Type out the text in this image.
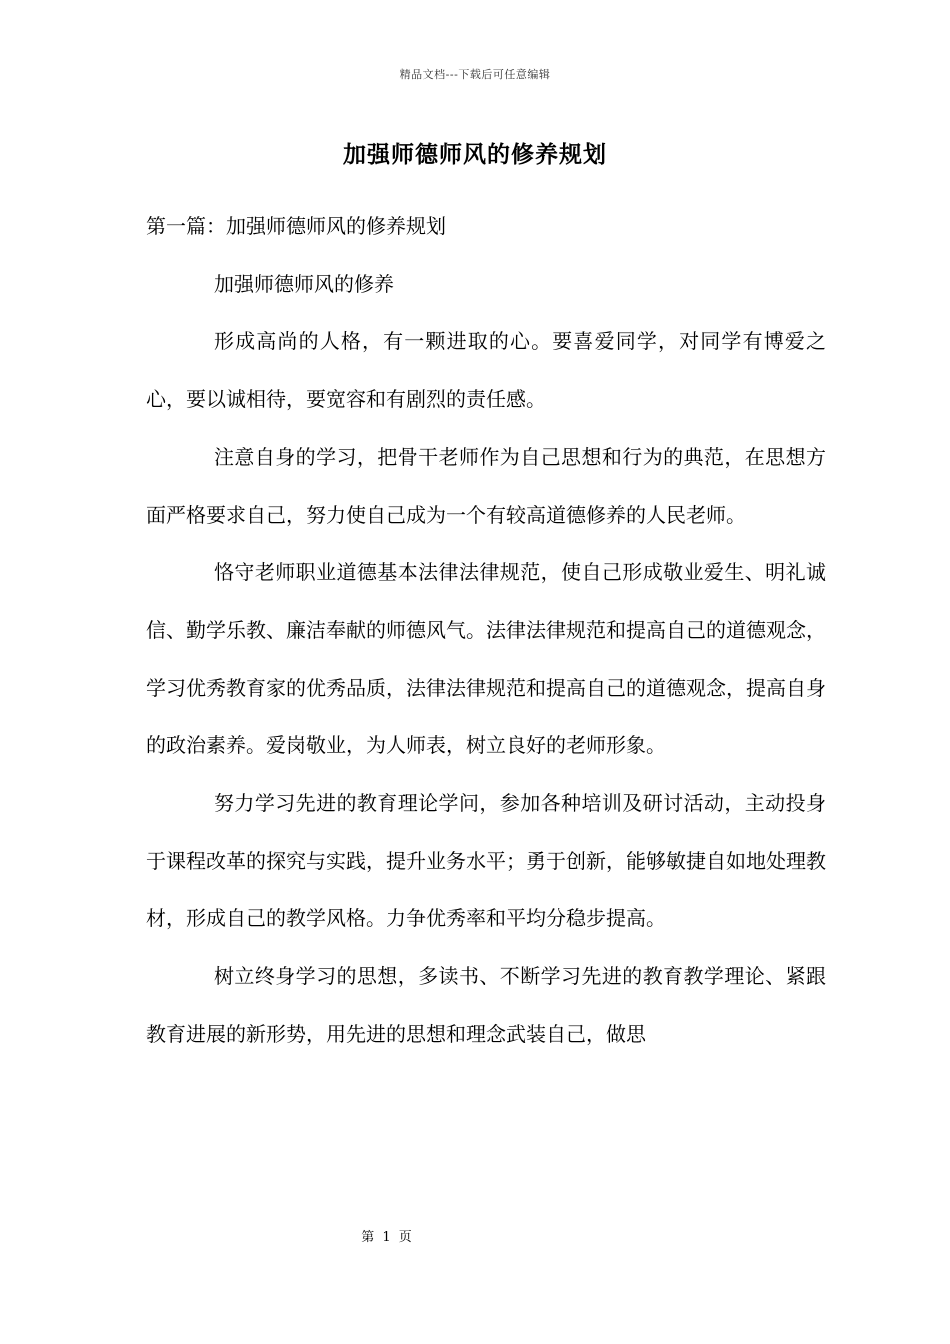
精品文档---下载后可任意编辑
加强师德师风的修养规划

第一篇：加强师德师风的修养规划

加强师德师风的修养

形成高尚的人格，有一颗进取的心。要喜爱同学，对同学有博爱之心，要以诚相待，要宽容和有剧烈的责任感。

注意自身的学习，把骨干老师作为自己思想和行为的典范，在思想方面严格要求自己，努力使自己成为一个有较高道德修养的人民老师。

恪守老师职业道德基本法律法律规范，使自己形成敬业爱生、明礼诚信、勤学乐教、廉洁奉献的师德风气。法律法律规范和提高自己的道德观念，学习优秀教育家的优秀品质，法律法律规范和提高自己的道德观念，提高自身的政治素养。爱岗敬业，为人师表，树立良好的老师形象。

努力学习先进的教育理论学问，参加各种培训及研讨活动，主动投身于课程改革的探究与实践，提升业务水平；勇于创新，能够敏捷自如地处理教材，形成自己的教学风格。力争优秀率和平均分稳步提高。

树立终身学习的思想，多读书、不断学习先进的教育教学理论、紧跟教育进展的新形势，用先进的思想和理念武装自己，做思

第 1 页
